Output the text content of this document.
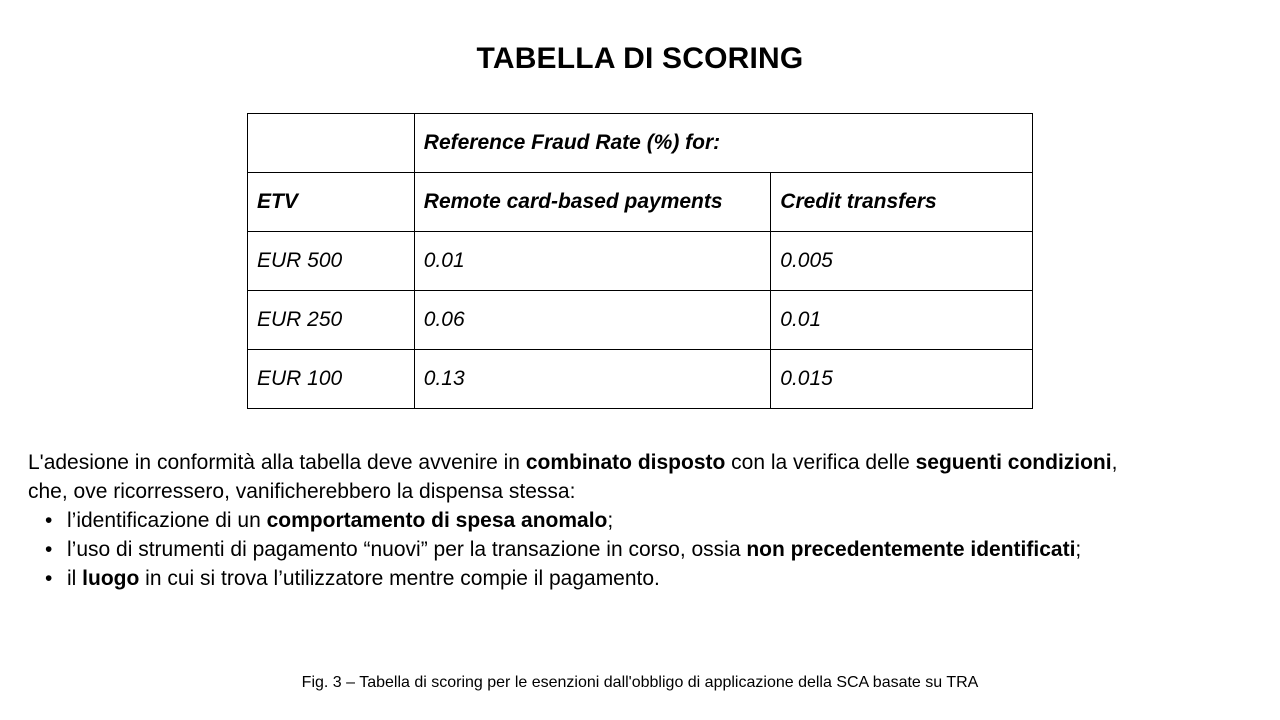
TABELLA DI SCORING
	Reference Fraud Rate (%) for:	
ETV	Remote card-based payments	Credit transfers
EUR 500	0.01	0.005
EUR 250	0.06	0.01
EUR 100	0.13	0.015

L'adesione in conformità alla tabella deve avvenire in combinato disposto con la verifica delle seguenti condizioni,
che, ove ricorressero, vanificherebbero la dispensa stessa:

• l’identificazione di un comportamento di spesa anomalo;
• l’uso di strumenti di pagamento “nuovi” per la transazione in corso, ossia non precedentemente identificati;
• il luogo in cui si trova l’utilizzatore mentre compie il pagamento.
Fig. 3 – Tabella di scoring per le esenzioni dall'obbligo di applicazione della SCA basate su TRA
